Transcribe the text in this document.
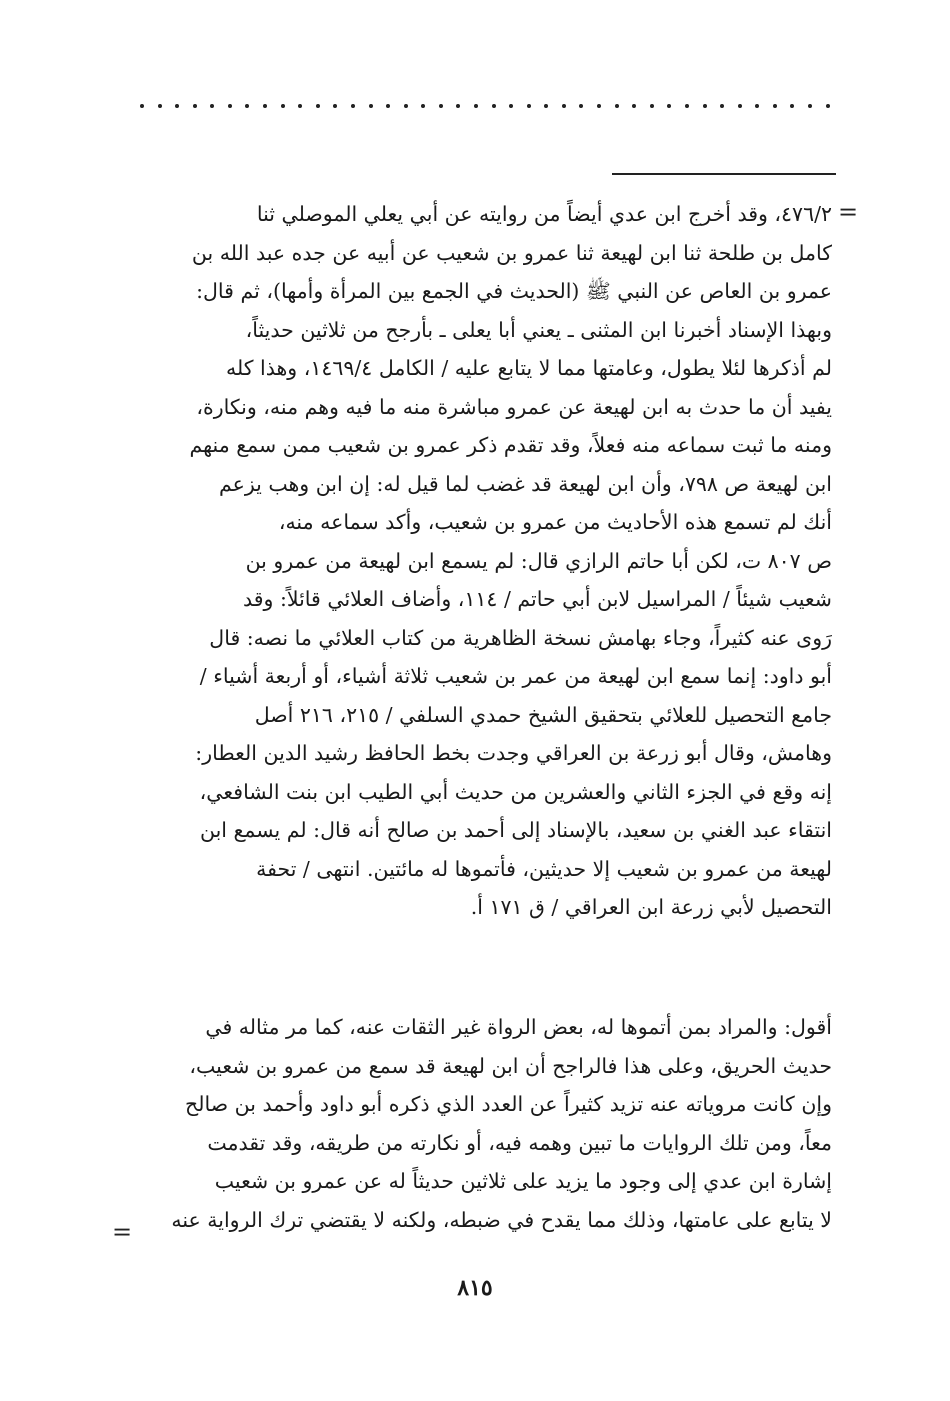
=
٤٧٦/٢، وقد أخرج ابن عدي أيضاً من روايته عن أبي يعلي الموصلي ثنا
كامل بن طلحة ثنا ابن لهيعة ثنا عمرو بن شعيب عن أبيه عن جده عبد الله بن
عمرو بن العاص عن النبي ﷺ (الحديث في الجمع بين المرأة وأمها)، ثم قال:
وبهذا الإسناد أخبرنا ابن المثنى ـ يعني أبا يعلى ـ بأرجح من ثلاثين حديثاً،
لم أذكرها لئلا يطول، وعامتها مما لا يتابع عليه / الكامل ١٤٦٩/٤، وهذا كله
يفيد أن ما حدث به ابن لهيعة عن عمرو مباشرة منه ما فيه وهم منه، ونكارة،
ومنه ما ثبت سماعه منه فعلاً، وقد تقدم ذكر عمرو بن شعيب ممن سمع منهم
ابن لهيعة ص ٧٩٨، وأن ابن لهيعة قد غضب لما قيل له: إن ابن وهب يزعم
أنك لم تسمع هذه الأحاديث من عمرو بن شعيب، وأكد سماعه منه،
ص ٨٠٧ ت، لكن أبا حاتم الرازي قال: لم يسمع ابن لهيعة من عمرو بن
شعيب شيئاً / المراسيل لابن أبي حاتم / ١١٤، وأضاف العلائي قائلاً: وقد
رَوى عنه كثيراً، وجاء بهامش نسخة الظاهرية من كتاب العلائي ما نصه: قال
أبو داود: إنما سمع ابن لهيعة من عمر بن شعيب ثلاثة أشياء، أو أربعة أشياء /
جامع التحصيل للعلائي بتحقيق الشيخ حمدي السلفي / ٢١٥، ٢١٦ أصل
وهامش، وقال أبو زرعة بن العراقي وجدت بخط الحافظ رشيد الدين العطار:
إنه وقع في الجزء الثاني والعشرين من حديث أبي الطيب ابن بنت الشافعي،
انتقاء عبد الغني بن سعيد، بالإسناد إلى أحمد بن صالح أنه قال: لم يسمع ابن
لهيعة من عمرو بن شعيب إلا حديثين، فأتموها له مائتين. انتهى / تحفة
التحصيل لأبي زرعة ابن العراقي / ق ١٧١ أ.
أقول: والمراد بمن أتموها له، بعض الرواة غير الثقات عنه، كما مر مثاله في
حديث الحريق، وعلى هذا فالراجح أن ابن لهيعة قد سمع من عمرو بن شعيب،
وإن كانت مروياته عنه تزيد كثيراً عن العدد الذي ذكره أبو داود وأحمد بن صالح
معاً، ومن تلك الروايات ما تبين وهمه فيه، أو نكارته من طريقه، وقد تقدمت
إشارة ابن عدي إلى وجود ما يزيد على ثلاثين حديثاً له عن عمرو بن شعيب
لا يتابع على عامتها، وذلك مما يقدح في ضبطه، ولكنه لا يقتضي ترك الرواية عنه
=
٨١٥
